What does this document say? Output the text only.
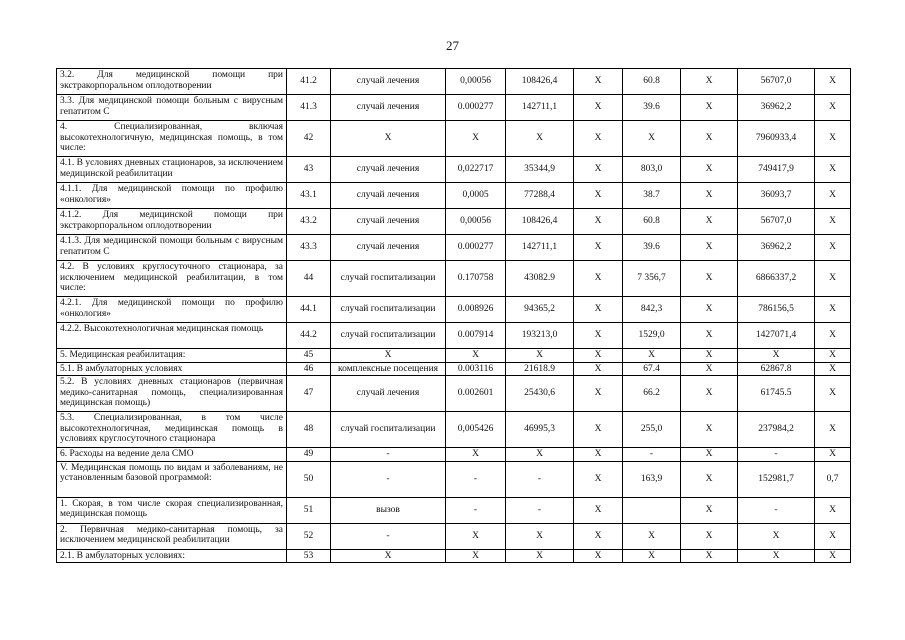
27
3.2. Для медицинской помощи при экстракорпоральном оплодотворении	41.2	случай лечения	0,00056	108426,4	X	60.8	X	56707,0	X
3.3. Для медицинской помощи больным с вирусным гепатитом С	41.3	случай лечения	0.000277	142711,1	X	39.6	X	36962,2	X
4. Специализированная, включая высокотехнологичную, медицинская помощь, в том числе:	42	X	X	X	X	X	X	7960933,4	X
4.1. В условиях дневных стационаров, за исключением медицинской реабилитации	43	случай лечения	0,022717	35344,9	X	803,0	X	749417,9	X
4.1.1. Для медицинской помощи по профилю «онкология»	43.1	случай лечения	0,0005	77288,4	X	38.7	X	36093,7	X
4.1.2. Для медицинской помощи при экстракорпоральном оплодотворении	43.2	случай лечения	0,00056	108426,4	X	60.8	X	56707,0	X
4.1.3. Для медицинской помощи больным с вирусным гепатитом С	43.3	случай лечения	0.000277	142711,1	X	39.6	X	36962,2	X
4.2. В условиях круглосуточного стационара, за исключением медицинской реабилитации, в том числе:	44	случай госпитализации	0.170758	43082.9	X	7 356,7	X	6866337,2	X
4.2.1. Для медицинской помощи по профилю «онкология»	44.1	случай госпитализации	0.008926	94365,2	X	842,3	X	786156,5	X
4.2.2. Высокотехнологичная медицинская помощь	44.2	случай госпитализации	0.007914	193213,0	X	1529,0	X	1427071,4	X
5. Медицинская реабилитация:	45	X	X	X	X	X	X	X	X
5.1. В амбулаторных условиях	46	комплексные посещения	0.003116	21618.9	X	67.4	X	62867.8	X
5.2. В условиях дневных стационаров (первичная медико-санитарная помощь, специализированная медицинская помощь)	47	случай лечения	0.002601	25430,6	X	66.2	X	61745.5	X
5.3. Специализированная, в том числе высокотехнологичная, медицинская помощь в условиях круглосуточного стационара	48	случай госпитализации	0,005426	46995,3	X	255,0	X	237984,2	X
6. Расходы на ведение дела СМО	49	-	X	X	X	-	X	-	X
V. Медицинская помощь по видам и заболеваниям, не установленным базовой программой:	50	-	-	-	X	163,9	X	152981,7	0,7
1. Скорая, в том числе скорая специализированная, медицинская помощь	51	вызов	-	-	X		X	-	X
2. Первичная медико-санитарная помощь, за исключением медицинской реабилитации	52	-	X	X	X	X	X	X	X
2.1. В амбулаторных условиях:	53	X	X	X	X	X	X	X	X
